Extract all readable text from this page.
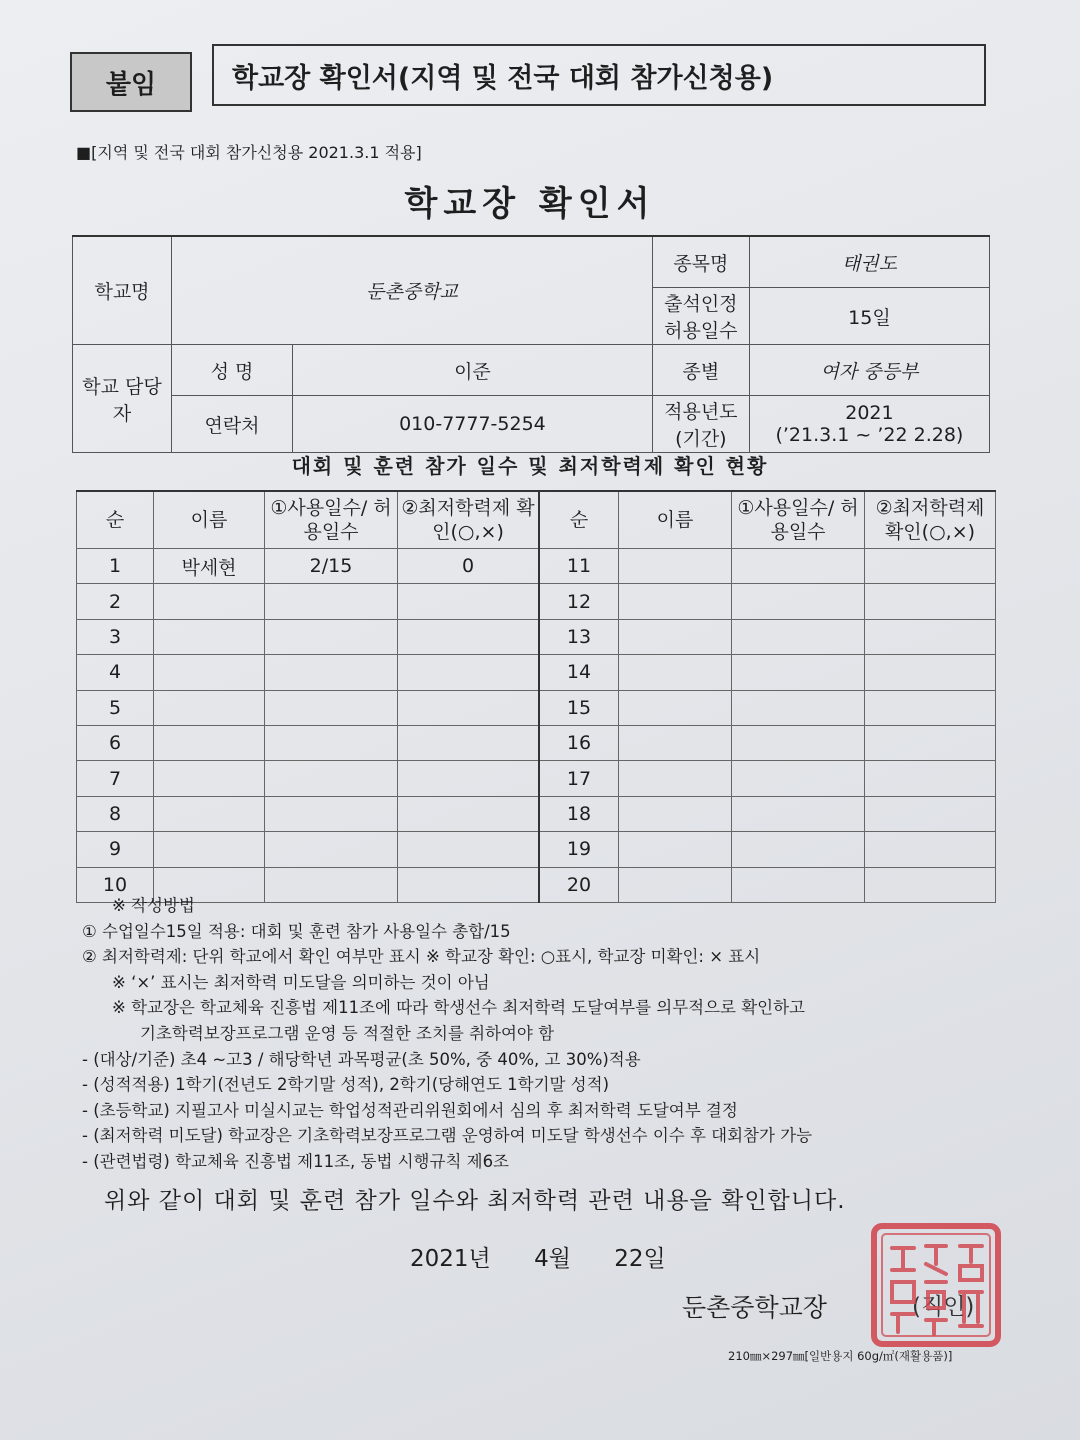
붙임	학교장 확인서(지역 및 전국 대회 참가신청용)
■[지역 및 전국 대회 참가신청용 2021.3.1 적용]
학교장 확인서
학교명	둔촌중학교		종목명	태권도
			출석인정 허용일수	15일
학교 담당자	성 명	이준	종별	여자 중등부
	연락처	010-7777-5254	적용년도 (기간)	2021
(’21.3.1 ~ ’22 2.28)
대회 및 훈련 참가 일수 및 최저학력제 확인 현황
순	이름	①사용일수/ 허용일수	②최저학력제 확인(○,×)	순	이름	①사용일수/ 허용일수	②최저학력제 확인(○,×)
1	박세현	2/15	0	11			
2				12			
3				13			
4				14			
5				15			
6				16			
7				17			
8				18			
9				19			
10				20			
※ 작성방법
① 수업일수15일 적용: 대회 및 훈련 참가 사용일수 총합/15
② 최저학력제: 단위 학교에서 확인 여부만 표시 ※ 학교장 확인: ○표시, 학교장 미확인: × 표시
※ ‘×’ 표시는 최저학력 미도달을 의미하는 것이 아님
※ 학교장은 학교체육 진흥법 제11조에 따라 학생선수 최저학력 도달여부를 의무적으로 확인하고
기초학력보장프로그램 운영 등 적절한 조치를 취하여야 함
- (대상/기준) 초4 ~고3 / 해당학년 과목평균(초 50%, 중 40%, 고 30%)적용
- (성적적용) 1학기(전년도 2학기말 성적), 2학기(당해연도 1학기말 성적)
- (초등학교) 지필고사 미실시교는 학업성적관리위원회에서 심의 후 최저학력 도달여부 결정
- (최저학력 미도달) 학교장은 기초학력보장프로그램 운영하여 미도달 학생선수 이수 후 대회참가 가능
- (관련법령) 학교체육 진흥법 제11조, 동법 시행규칙 제6조
위와 같이 대회 및 훈련 참가 일수와 최저학력 관련 내용을 확인합니다.
2021년 4월 22일
둔촌중학교장	(직인)
210㎜×297㎜[일반용지 60g/㎡(재활용품)]
